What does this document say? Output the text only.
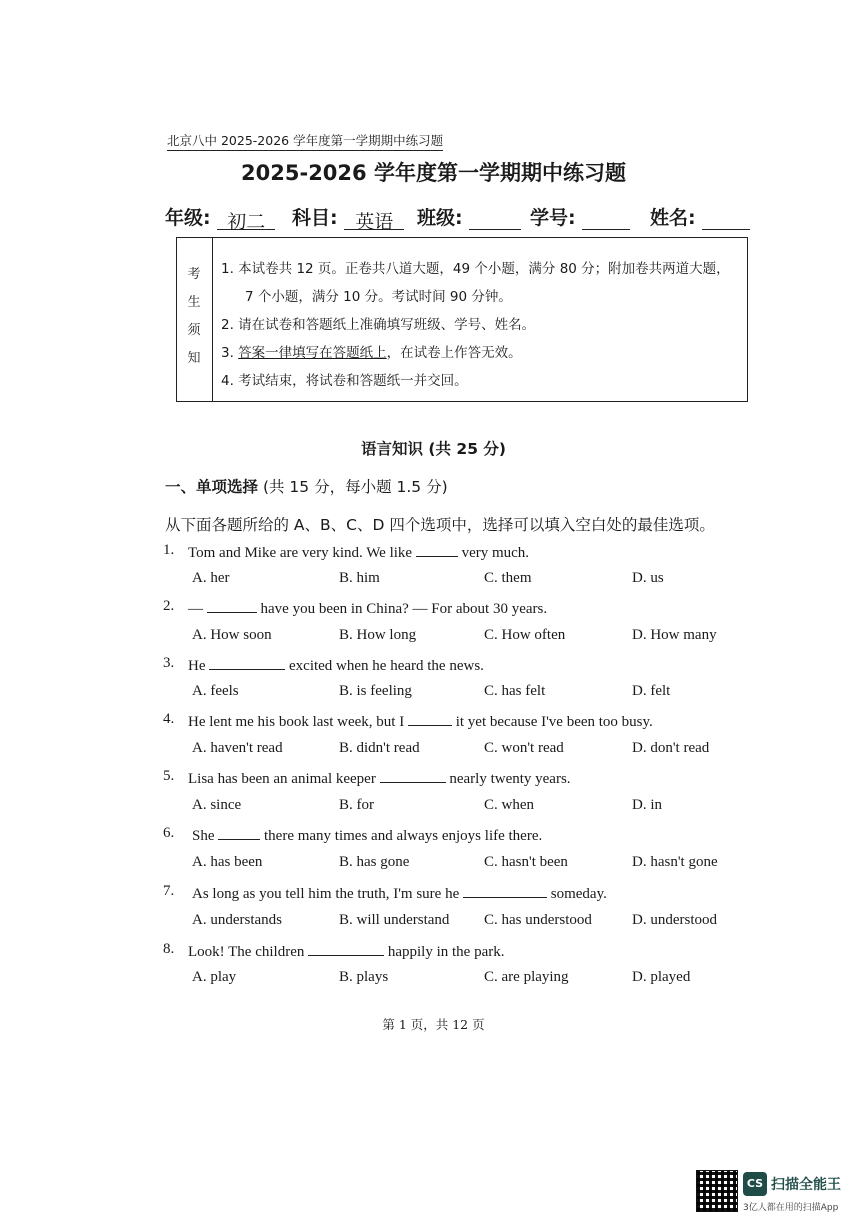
北京八中 2025-2026 学年度第一学期期中练习题
2025-2026 学年度第一学期期中练习题
年级: 初二	科目: 英语	班级:	学号:	姓名:
考
生
须
知
1. 本试卷共 12 页。正卷共八道大题，49 个小题，满分 80 分；附加卷共两道大题，
7 个小题，满分 10 分。考试时间 90 分钟。
2. 请在试卷和答题纸上准确填写班级、学号、姓名。
3. 答案一律填写在答题纸上，在试卷上作答无效。
4. 考试结束，将试卷和答题纸一并交回。
语言知识 (共 25 分)
一、单项选择 (共 15 分，每小题 1.5 分)
从下面各题所给的 A、B、C、D 四个选项中，选择可以填入空白处的最佳选项。
1. Tom and Mike are very kind. We like	very much.
A. her	B. him	C. them	D. us
2. —	have you been in China? — For about 30 years.
A. How soon	B. How long	C. How often	D. How many
3. He	excited when he heard the news.
A. feels	B. is feeling	C. has felt	D. felt
4. He lent me his book last week, but I	it yet because I've been too busy.
A. haven't read	B. didn't read	C. won't read	D. don't read
5. Lisa has been an animal keeper	nearly twenty years.
A. since	B. for	C. when	D. in
6. She	there many times and always enjoys life there.
A. has been	B. has gone	C. hasn't been	D. hasn't gone
7. As long as you tell him the truth, I'm sure he	someday.
A. understands	B. will understand C. has understood	D. understood
8. Look! The children	happily in the park.
A. play	B. plays	C. are playing	D. played
第 1 页，共 12 页
CS 扫描全能王
3亿人都在用的扫描App
